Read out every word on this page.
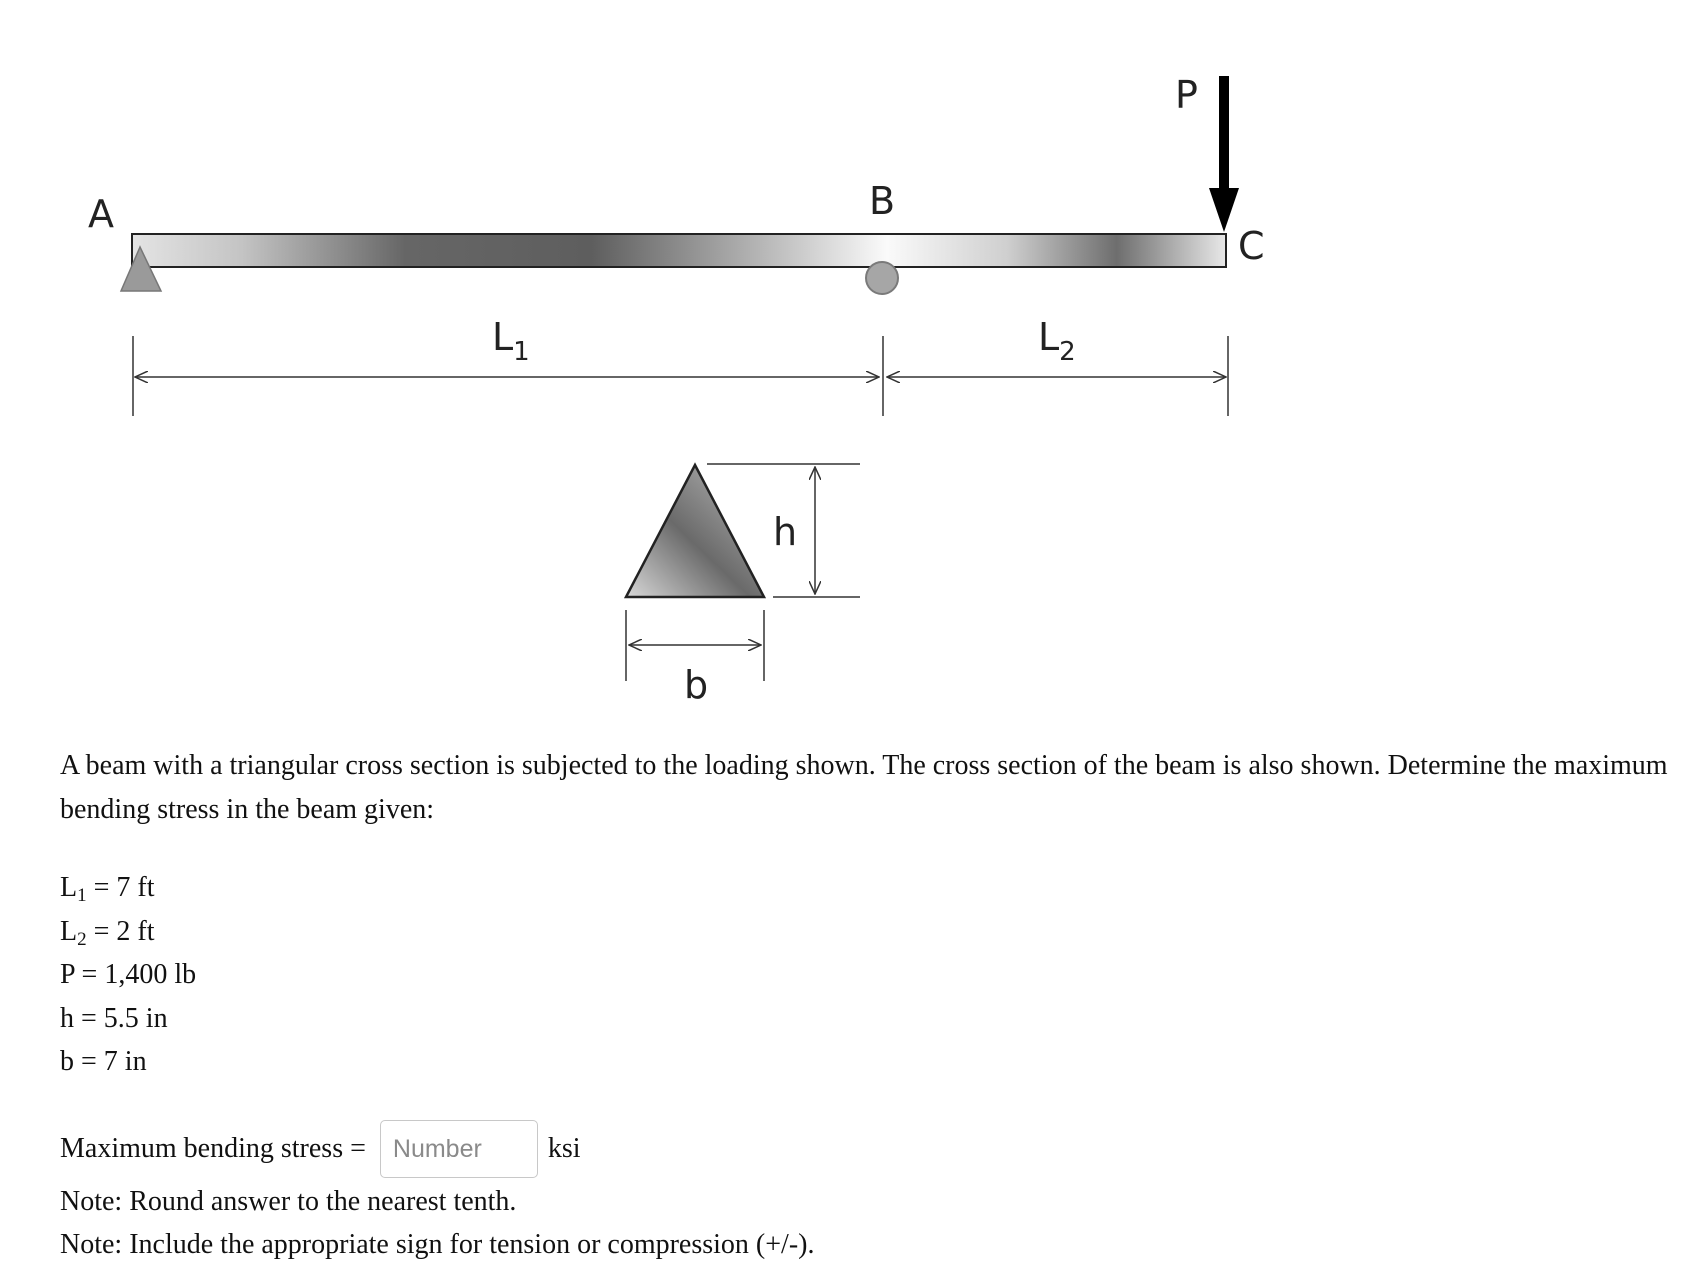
A	B
C
P
$L_1$	$L_2$
h
b

A beam with a triangular cross section is subjected to the loading shown. The cross section of the beam is also shown. Determine the maximum bending stress in the beam given:

$L_1 = 7$ ft
$L_2 = 2$ ft
P = 1,400 lb
h = 5.5 in
b = 7 in
Maximum bending stress =
Number	ksi
Note: Round answer to the nearest tenth.
Note: Include the appropriate sign for tension or compression (+/-).
